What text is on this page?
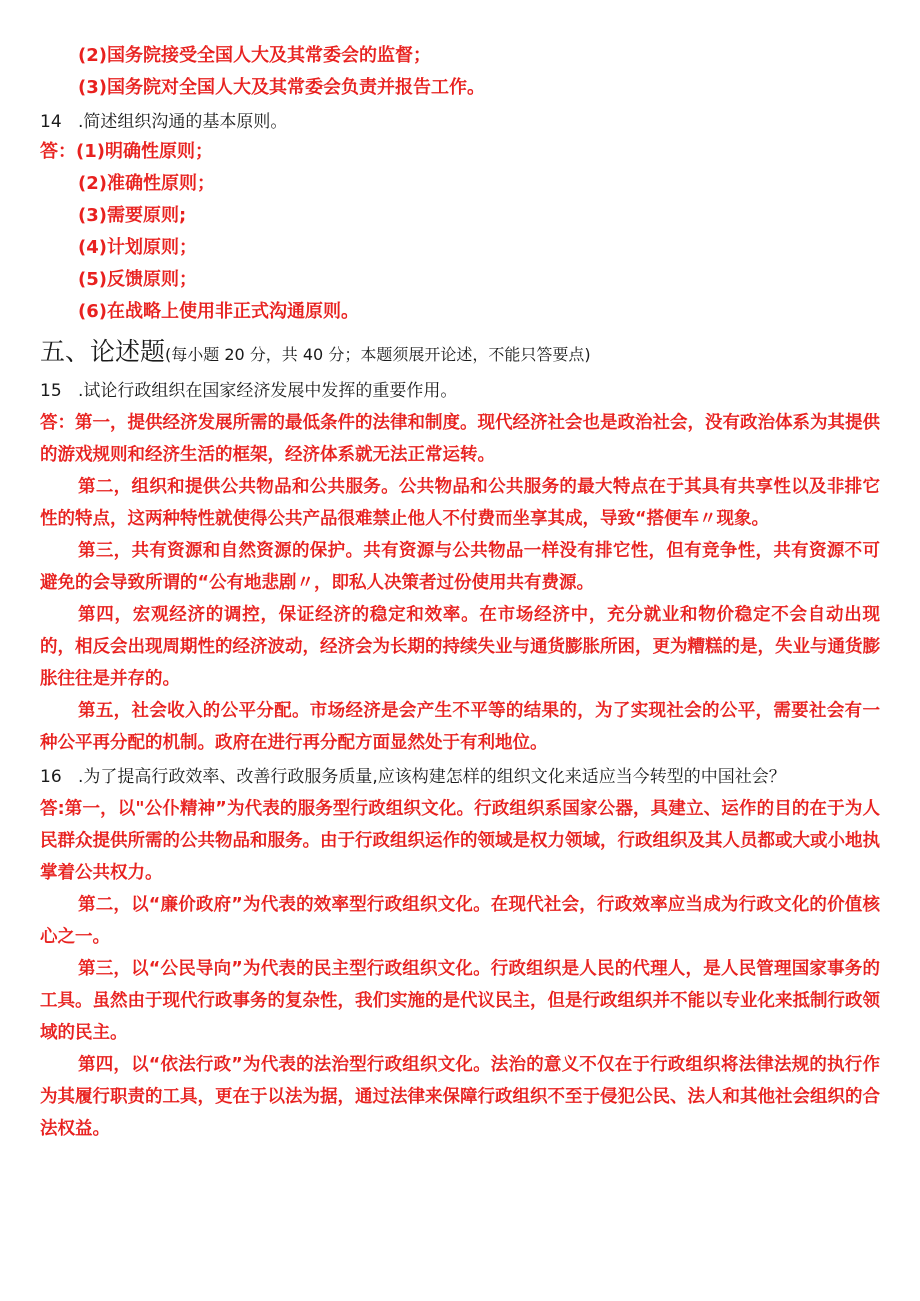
(2)国务院接受全国人大及其常委会的监督；
(3)国务院对全国人大及其常委会负责并报告工作。
14 .简述组织沟通的基本原则。
答：(1)明确性原则；
(2)准确性原则；
(3)需要原则;
(4)计划原则；
(5)反馈原则；
(6)在战略上使用非正式沟通原则。
五、论述题(每小题 20 分，共 40 分；本题须展开论述，不能只答要点)
15 .试论行政组织在国家经济发展中发挥的重要作用。
答：第一，提供经济发展所需的最低条件的法律和制度。现代经济社会也是政治社会，没有政治体系为其提供的游戏规则和经济生活的框架，经济体系就无法正常运转。
第二，组织和提供公共物品和公共服务。公共物品和公共服务的最大特点在于其具有共享性以及非排它性的特点，这两种特性就使得公共产品很难禁止他人不付费而坐享其成，导致“搭便车〃现象。
第三，共有资源和自然资源的保护。共有资源与公共物品一样没有排它性，但有竞争性，共有资源不可避免的会导致所谓的“公有地悲剧〃，即私人决策者过份使用共有费源。
第四，宏观经济的调控，保证经济的稳定和效率。在市场经济中，充分就业和物价稳定不会自动出现的，相反会出现周期性的经济波动，经济会为长期的持续失业与通货膨胀所困，更为糟糕的是，失业与通货膨胀往往是并存的。
第五，社会收入的公平分配。市场经济是会产生不平等的结果的，为了实现社会的公平，需要社会有一种公平再分配的机制。政府在进行再分配方面显然处于有利地位。
16 .为了提高行政效率、改善行政服务质量,应该构建怎样的组织文化来适应当今转型的中国社会？
答:第一，以"公仆精神”为代表的服务型行政组织文化。行政组织系国家公器，具建立、运作的目的在于为人民群众提供所需的公共物品和服务。由于行政组织运作的领域是权力领域，行政组织及其人员都或大或小地执掌着公共权力。
第二，以“廉价政府”为代表的效率型行政组织文化。在现代社会，行政效率应当成为行政文化的价值核心之一。
第三，以“公民导向”为代表的民主型行政组织文化。行政组织是人民的代理人，是人民管理国家事务的工具。虽然由于现代行政事务的复杂性，我们实施的是代议民主，但是行政组织并不能以专业化来抵制行政领域的民主。
第四，以“依法行政”为代表的法治型行政组织文化。法治的意义不仅在于行政组织将法律法规的执行作为其履行职责的工具，更在于以法为据，通过法律来保障行政组织不至于侵犯公民、法人和其他社会组织的合法权益。
